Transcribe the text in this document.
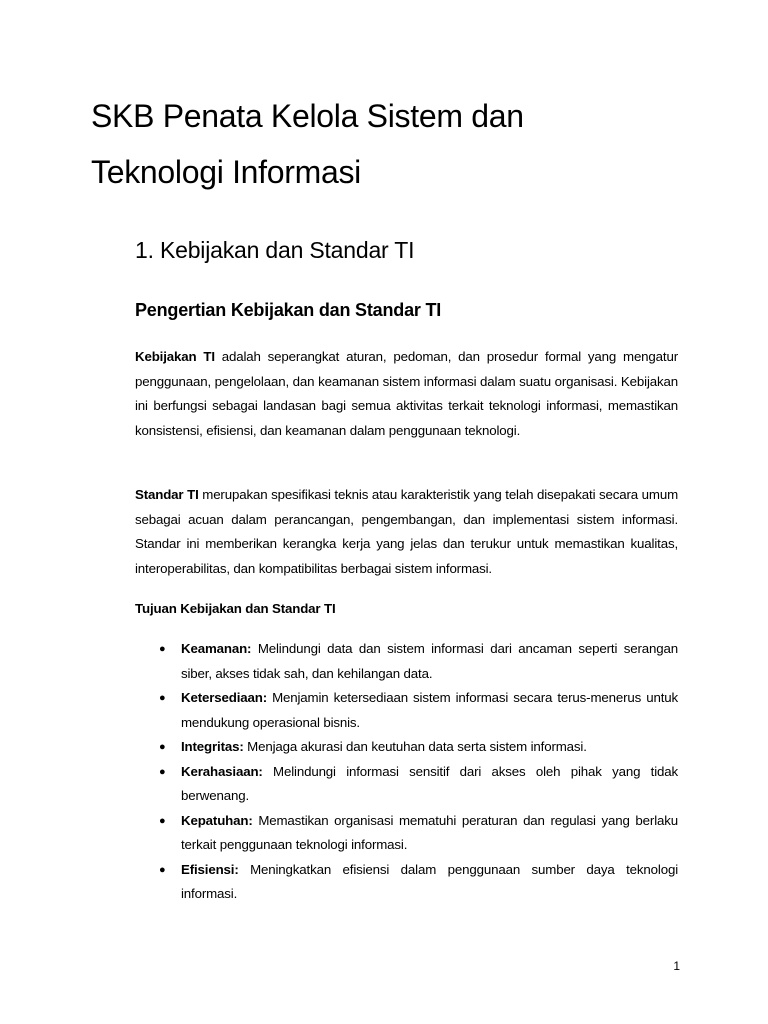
SKB Penata Kelola Sistem dan
Teknologi Informasi
1. Kebijakan dan Standar TI
Pengertian Kebijakan dan Standar TI

Kebijakan TI adalah seperangkat aturan, pedoman, dan prosedur formal yang mengatur penggunaan, pengelolaan, dan keamanan sistem informasi dalam suatu organisasi. Kebijakan ini berfungsi sebagai landasan bagi semua aktivitas terkait teknologi informasi, memastikan konsistensi, efisiensi, dan keamanan dalam penggunaan teknologi.

Standar TI merupakan spesifikasi teknis atau karakteristik yang telah disepakati secara umum sebagai acuan dalam perancangan, pengembangan, dan implementasi sistem informasi. Standar ini memberikan kerangka kerja yang jelas dan terukur untuk memastikan kualitas, interoperabilitas, dan kompatibilitas berbagai sistem informasi.

Tujuan Kebijakan dan Standar TI
●	Keamanan: Melindungi data dan sistem informasi dari ancaman seperti serangan siber, akses tidak sah, dan kehilangan data.
●	Ketersediaan: Menjamin ketersediaan sistem informasi secara terus-menerus untuk mendukung operasional bisnis.
●	Integritas: Menjaga akurasi dan keutuhan data serta sistem informasi.
●	Kerahasiaan: Melindungi informasi sensitif dari akses oleh pihak yang tidak berwenang.
●	Kepatuhan: Memastikan organisasi mematuhi peraturan dan regulasi yang berlaku terkait penggunaan teknologi informasi.
●	Efisiensi: Meningkatkan efisiensi dalam penggunaan sumber daya teknologi informasi.
1
